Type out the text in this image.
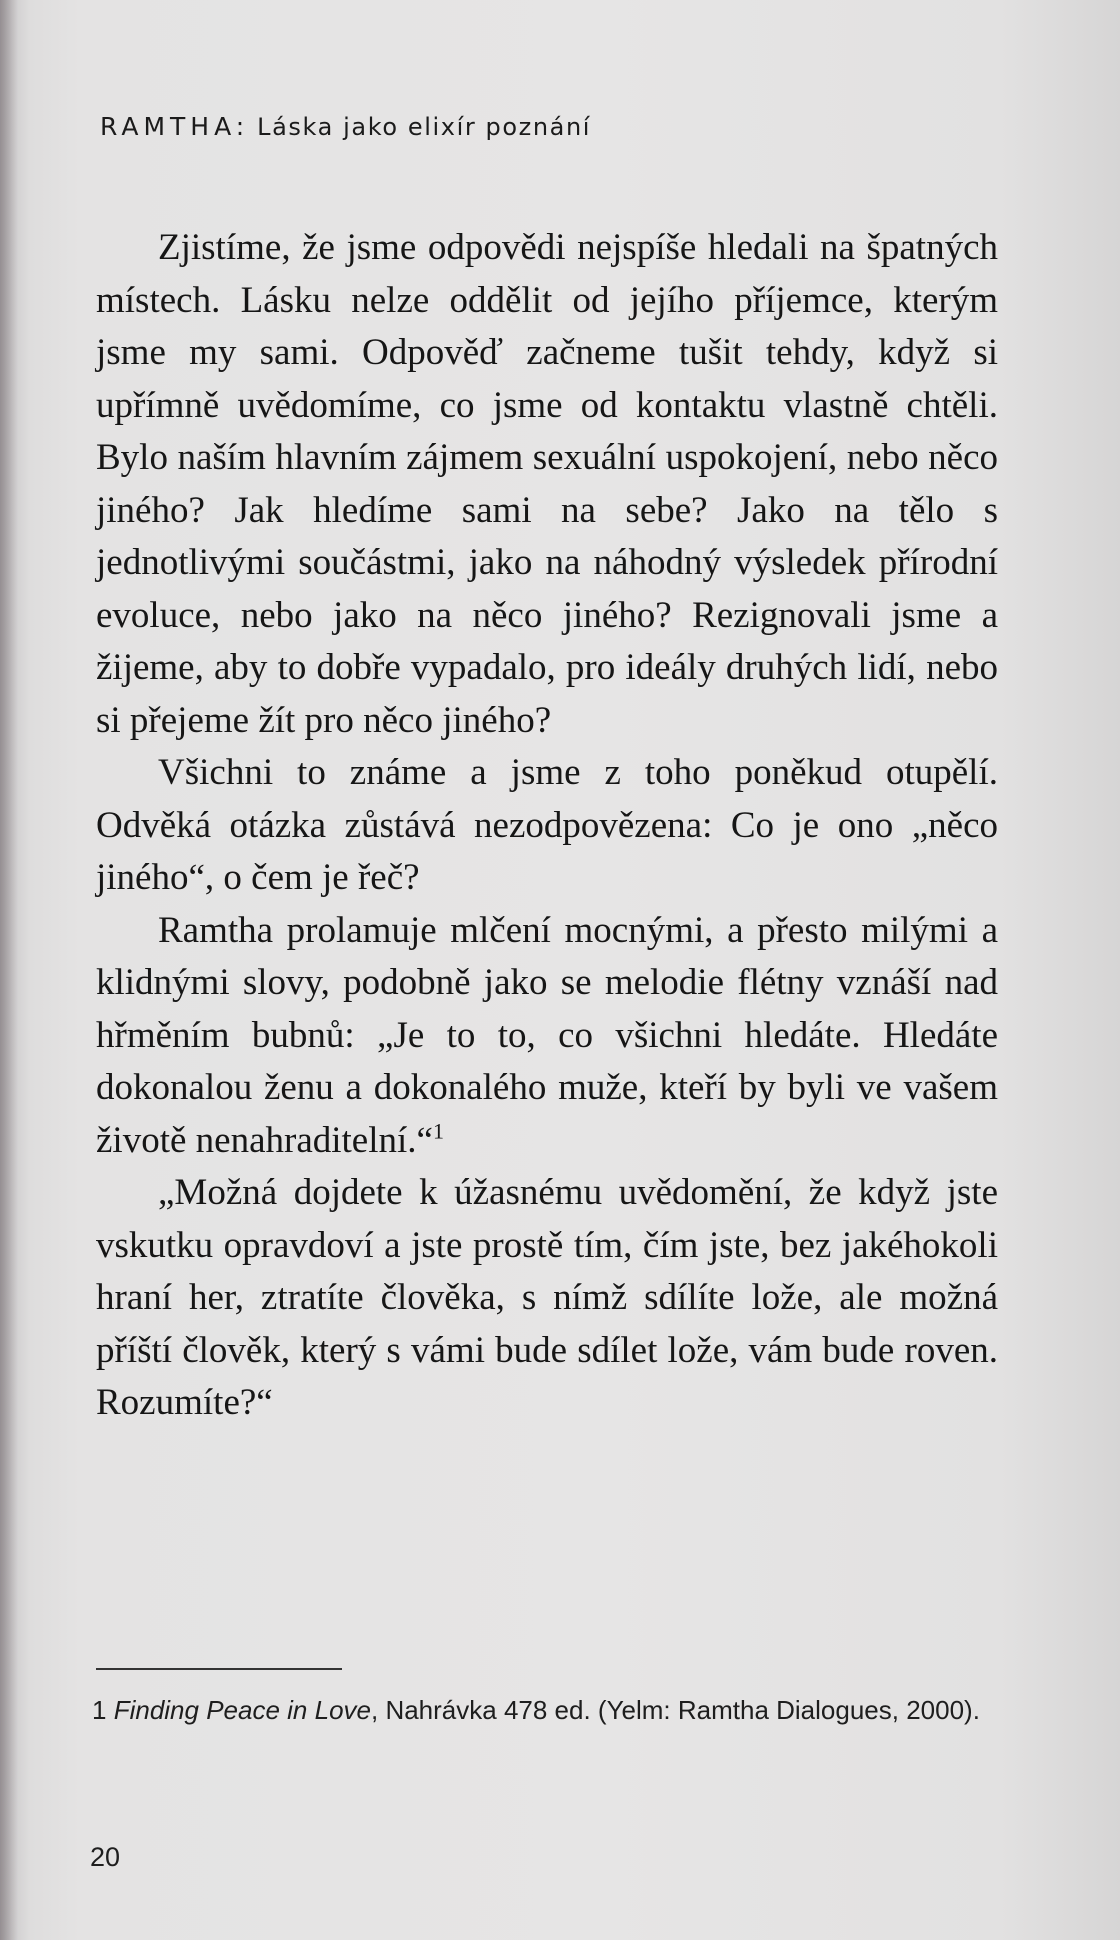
RAMTHA: Láska jako elixír poznání

Zjistíme, že jsme odpovědi nejspíše hledali na špatných místech. Lásku nelze oddělit od jejího příjemce, kterým jsme my sami. Odpověď začneme tušit tehdy, když si upřímně uvědomíme, co jsme od kontaktu vlastně chtěli. Bylo naším hlavním zájmem sexuální uspokojení, nebo něco jiného? Jak hledíme sami na sebe? Jako na tělo s jednotlivými součástmi, jako na náhodný výsledek přírodní evoluce, nebo jako na něco jiného? Rezignovali jsme a žijeme, aby to dobře vypadalo, pro ideály druhých lidí, nebo si přejeme žít pro něco jiného?

Všichni to známe a jsme z toho poněkud otupělí. Odvěká otázka zůstává nezodpovězena: Co je ono „něco jiného“, o čem je řeč?

Ramtha prolamuje mlčení mocnými, a přesto milými a klidnými slovy, podobně jako se melodie flétny vznáší nad hřměním bubnů: „Je to to, co všichni hledáte. Hledáte dokonalou ženu a dokonalého muže, kteří by byli ve vašem životě nenahraditelní.“$^1$

„Možná dojdete k úžasnému uvědomění, že když jste vskutku opravdoví a jste prostě tím, čím jste, bez jakéhokoli hraní her, ztratíte člověka, s nímž sdílíte lože, ale možná příští člověk, který s vámi bude sdílet lože, vám bude roven. Rozumíte?“

1 Finding Peace in Love, Nahrávka 478 ed. (Yelm: Ramtha Dialogues, 2000).
20
